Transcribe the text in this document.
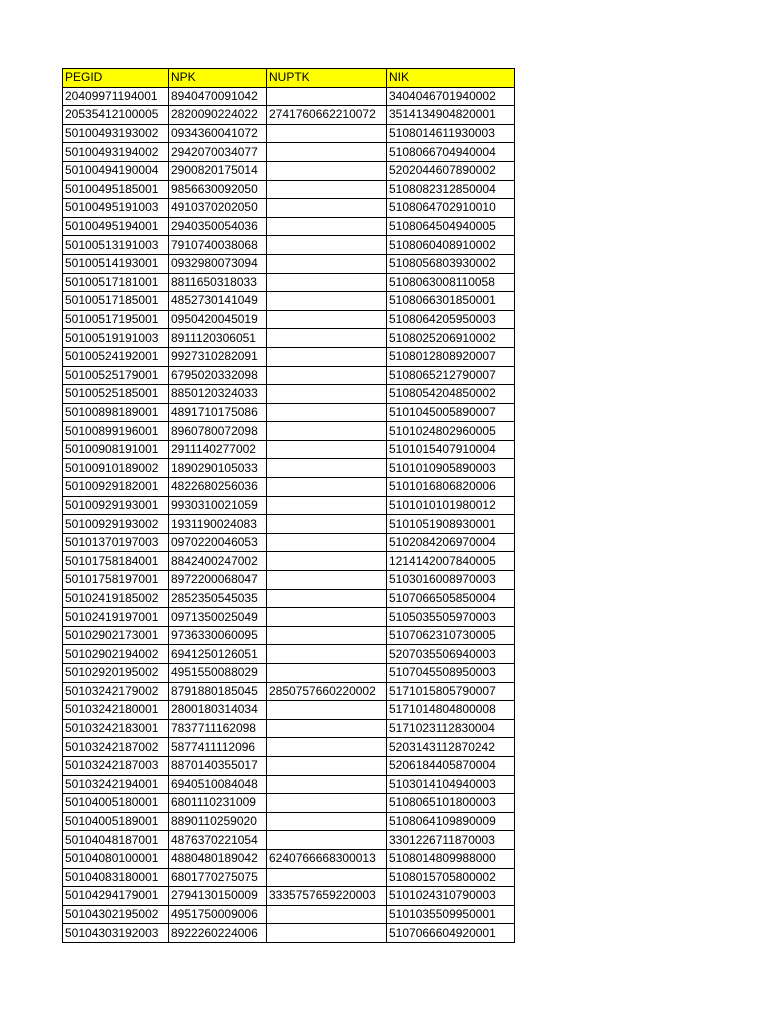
PEGID	NPK	NUPTK	NIK
20409971194001	8940470091042		3404046701940002
20535412100005	2820090224022	2741760662210072	3514134904820001
50100493193002	0934360041072		5108014611930003
50100493194002	2942070034077		5108066704940004
50100494190004	2900820175014		5202044607890002
50100495185001	9856630092050		5108082312850004
50100495191003	4910370202050		5108064702910010
50100495194001	2940350054036		5108064504940005
50100513191003	7910740038068		5108060408910002
50100514193001	0932980073094		5108056803930002
50100517181001	8811650318033		5108063008110058
50100517185001	4852730141049		5108066301850001
50100517195001	0950420045019		5108064205950003
50100519191003	8911120306051		5108025206910002
50100524192001	9927310282091		5108012808920007
50100525179001	6795020332098		5108065212790007
50100525185001	8850120324033		5108054204850002
50100898189001	4891710175086		5101045005890007
50100899196001	8960780072098		5101024802960005
50100908191001	2911140277002		5101015407910004
50100910189002	1890290105033		5101010905890003
50100929182001	4822680256036		5101016806820006
50100929193001	9930310021059		5101010101980012
50100929193002	1931190024083		5101051908930001
50101370197003	0970220046053		5102084206970004
50101758184001	8842400247002		1214142007840005
50101758197001	8972200068047		5103016008970003
50102419185002	2852350545035		5107066505850004
50102419197001	0971350025049		5105035505970003
50102902173001	9736330060095		5107062310730005
50102902194002	6941250126051		5207035506940003
50102920195002	4951550088029		5107045508950003
50103242179002	8791880185045	2850757660220002	5171015805790007
50103242180001	2800180314034		5171014804800008
50103242183001	7837711162098		5171023112830004
50103242187002	5877411112096		5203143112870242
50103242187003	8870140355017		5206184405870004
50103242194001	6940510084048		5103014104940003
50104005180001	6801110231009		5108065101800003
50104005189001	8890110259020		5108064109890009
50104048187001	4876370221054		3301226711870003
50104080100001	4880480189042	6240766668300013	5108014809988000
50104083180001	6801770275075		5108015705800002
50104294179001	2794130150009	3335757659220003	5101024310790003
50104302195002	4951750009006		5101035509950001
50104303192003	8922260224006		5107066604920001
